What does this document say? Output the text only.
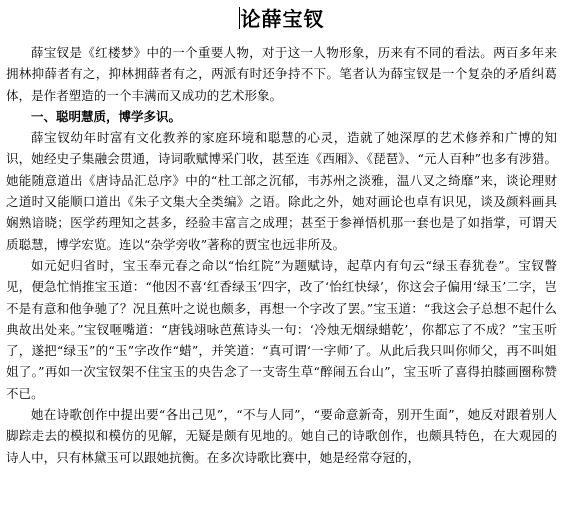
论薛宝钗

薛宝钗是《红楼梦》中的一个重要人物，对于这一人物形象，历来有不同的看法。两百多年来拥林抑薛者有之，抑林拥薛者有之，两派有时还争持不下。笔者认为薛宝钗是一个复杂的矛盾纠葛体，是作者塑造的一个丰满而又成功的艺术形象。

一、聪明慧质，博学多识。

薛宝钗幼年时富有文化教养的家庭环境和聪慧的心灵，造就了她深厚的艺术修养和广博的知识，她经史子集融会贯通，诗词歌赋博采门收，甚至连《西厢》、《琵琶》、“元人百种”也多有涉猎。她能随意道出《唐诗品汇总序》中的“杜工部之沉郁，韦苏州之淡雅，温八叉之绮靡”来，谈论理财之道时又能顺口道出《朱子文集大全类编》之语。除此之外，她对画论也卓有识见，谈及颜料画具娴熟谙晓；医学药理知之甚多，经验丰富言之成理；甚至于参禅悟机那一套也是了如指掌，可谓天质聪慧，博学宏览。连以“杂学旁收”著称的贾宝也远非所及。

如元妃归省时，宝玉奉元春之命以“怡红院”为题赋诗，起草内有句云“绿玉春犹卷”。宝钗瞥见，便急忙悄推宝玉道：“他因不喜‘红香绿玉’四字，改了‘怡红快绿’，你这会子偏用‘绿玉’二字，岂不是有意和他争驰了？况且蕉叶之说也颇多，再想一个字改了罢。”宝玉道：“我这会子总想不起什么典故出处来。”宝钗咂嘴道：“唐钱翊咏芭蕉诗头一句：‘冷烛无烟绿蜡乾’，你都忘了不成？”宝玉听了，遂把“绿玉”的“玉”字改作“蜡”，并笑道：“真可谓‘一字师’了。从此后我只叫你师父，再不叫姐姐了。”再如一次宝钗架不住宝玉的央告念了一支寄生草“醉闹五台山”，宝玉听了喜得拍膝画圈称赞不已。

她在诗歌创作中提出要“各出己见”，“不与人同”，“要命意新奇，别开生面”，她反对跟着别人脚踪走去的模拟和模仿的见解，无疑是颇有见地的。她自己的诗歌创作，也颇具特色，在大观园的诗人中，只有林黛玉可以跟她抗衡。在多次诗歌比赛中，她是经常夺冠的，
